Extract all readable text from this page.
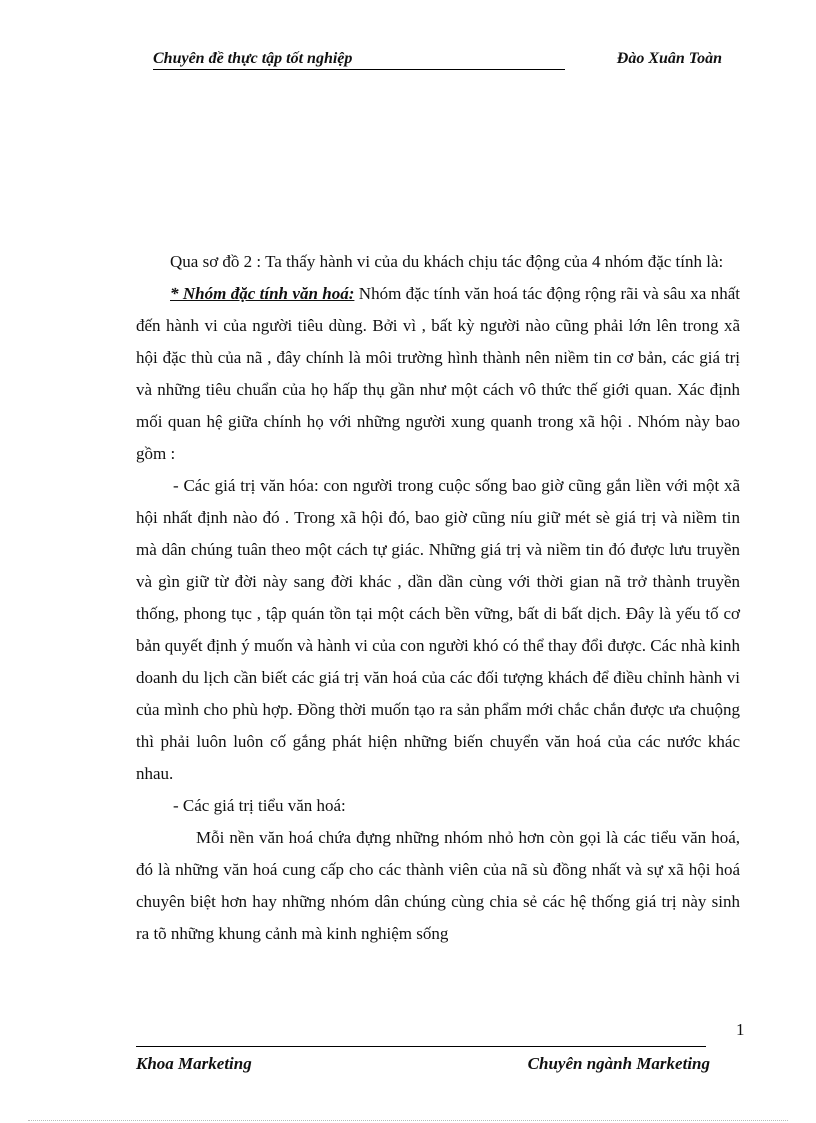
Chuyên đề thực tập tốt nghiệp	Đào Xuân Toàn

Qua sơ đồ 2 : Ta thấy hành vi của du khách chịu tác động của 4 nhóm đặc tính là:

* Nhóm đặc tính văn hoá: Nhóm đặc tính văn hoá tác động rộng rãi và sâu xa nhất đến hành vi của người tiêu dùng. Bởi vì , bất kỳ người nào cũng phải lớn lên trong xã hội đặc thù của nã , đây chính là môi trường hình thành nên niềm tin cơ bản, các giá trị và những tiêu chuẩn của họ hấp thụ gần như một cách vô thức thế giới quan. Xác định mối quan hệ giữa chính họ với những người xung quanh trong xã hội . Nhóm này bao gồm :

- Các giá trị văn hóa: con người trong cuộc sống bao giờ cũng gắn liền với một xã hội nhất định nào đó . Trong xã hội đó, bao giờ cũng níu giữ mét sè giá trị và niềm tin mà dân chúng tuân theo một cách tự giác. Những giá trị và niềm tin đó được lưu truyền và gìn giữ từ đời này sang đời khác , dần dần cùng với thời gian nã trở thành truyền thống, phong tục , tập quán tồn tại một cách bền vững, bất di bất dịch. Đây là yếu tố cơ bản quyết định ý muốn và hành vi của con người khó có thể thay đổi được. Các nhà kinh doanh du lịch cần biết các giá trị văn hoá của các đối tượng khách để điều chỉnh hành vi của mình cho phù hợp. Đồng thời muốn tạo ra sản phẩm mới chắc chắn được ưa chuộng thì phải luôn luôn cố gắng phát hiện những biến chuyển văn hoá của các nước khác nhau.

- Các giá trị tiểu văn hoá:

Mỗi nền văn hoá chứa đựng những nhóm nhỏ hơn còn gọi là các tiểu văn hoá, đó là những văn hoá cung cấp cho các thành viên của nã sù đồng nhất và sự xã hội hoá chuyên biệt hơn hay những nhóm dân chúng cùng chia sẻ các hệ thống giá trị này sinh ra tõ những khung cảnh mà kinh nghiệm sống

1
Khoa Marketing	Chuyên ngành Marketing
